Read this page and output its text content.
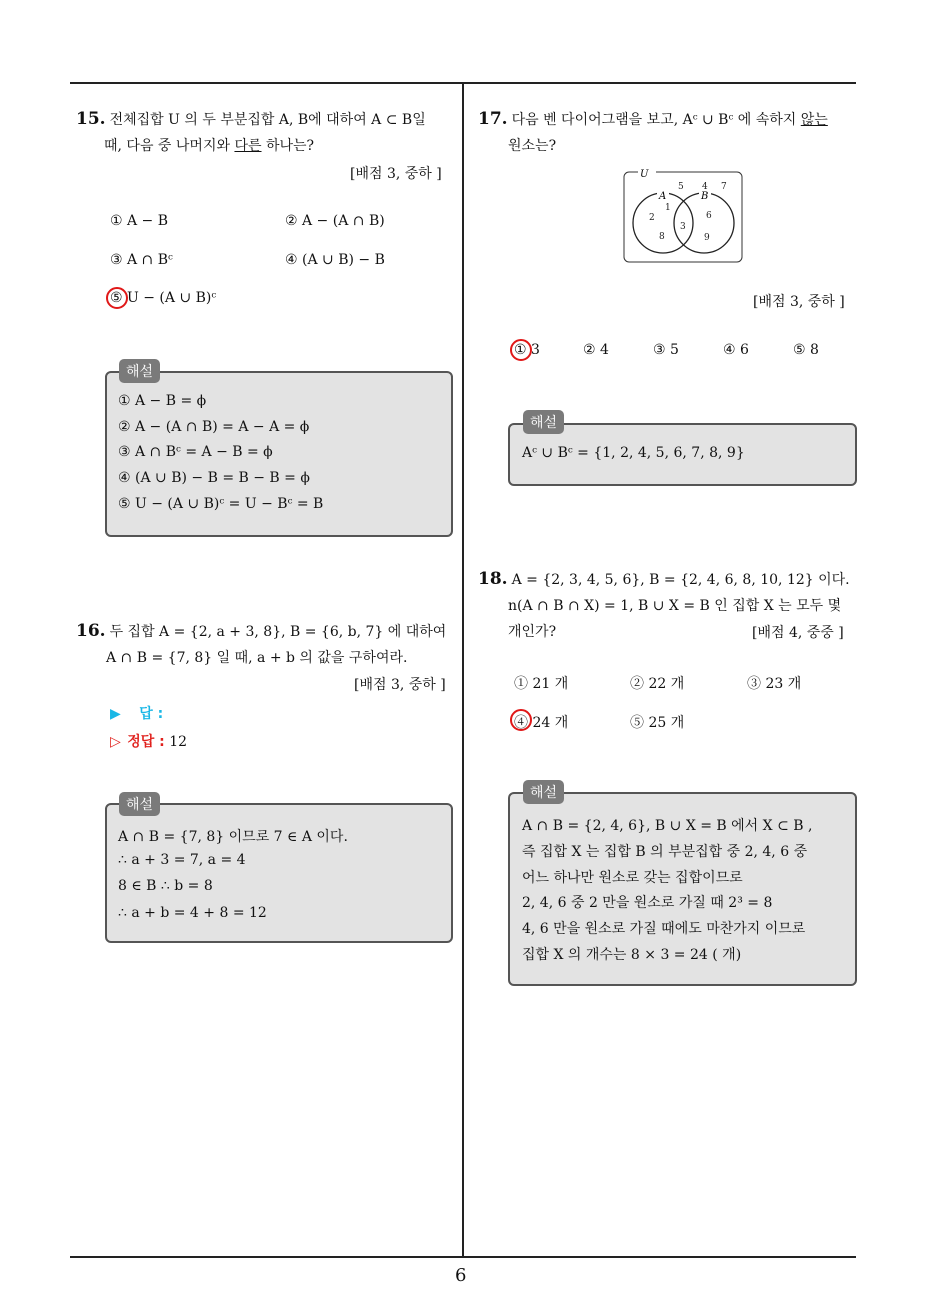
6
15. 전체집합 U 의 두 부분집합 A, B에 대하여 A ⊂ B일
때, 다음 중 나머지와 다른 하나는?
[배점 3, 중하 ]
① A − B	② A − (A ∩ B)
③ A ∩ Bᶜ	④ (A ∪ B) − B
⑤ U − (A ∪ B)ᶜ
해설
① A − B = ϕ
② A − (A ∩ B) = A − A = ϕ
③ A ∩ Bᶜ = A − B = ϕ
④ (A ∪ B) − B = B − B = ϕ
⑤ U − (A ∪ B)ᶜ = U − Bᶜ = B
16. 두 집합 A = {2, a + 3, 8}, B = {6, b, 7} 에 대하여
A ∩ B = {7, 8} 일 때, a + b 의 값을 구하여라.
[배점 3, 중하 ]
▶ 답 :
▷ 정답 : 12
해설
A ∩ B = {7, 8} 이므로 7 ∈ A 이다.
∴ a + 3 = 7, a = 4
8 ∈ B ∴ b = 8
∴ a + b = 4 + 8 = 12
17. 다음 벤 다이어그램을 보고, Aᶜ ∪ Bᶜ 에 속하지 않는
원소는?
U
A	B
5 4 7
1
2
8
3
6
9
[배점 3, 중하 ]
① 3	② 4	③ 5	④ 6	⑤ 8
해설
Aᶜ ∪ Bᶜ = {1, 2, 4, 5, 6, 7, 8, 9}
18. A = {2, 3, 4, 5, 6}, B = {2, 4, 6, 8, 10, 12} 이다.
n(A ∩ B ∩ X) = 1, B ∪ X = B 인 집합 X 는 모두 몇
개인가?	[배점 4, 중중 ]
① 21 개	② 22 개	③ 23 개
④ 24 개	⑤ 25 개
해설
A ∩ B = {2, 4, 6}, B ∪ X = B 에서 X ⊂ B ,
즉 집합 X 는 집합 B 의 부분집합 중 2, 4, 6 중
어느 하나만 원소로 갖는 집합이므로
2, 4, 6 중 2 만을 원소로 가질 때 2³ = 8
4, 6 만을 원소로 가질 때에도 마찬가지 이므로
집합 X 의 개수는 8 × 3 = 24 ( 개)
